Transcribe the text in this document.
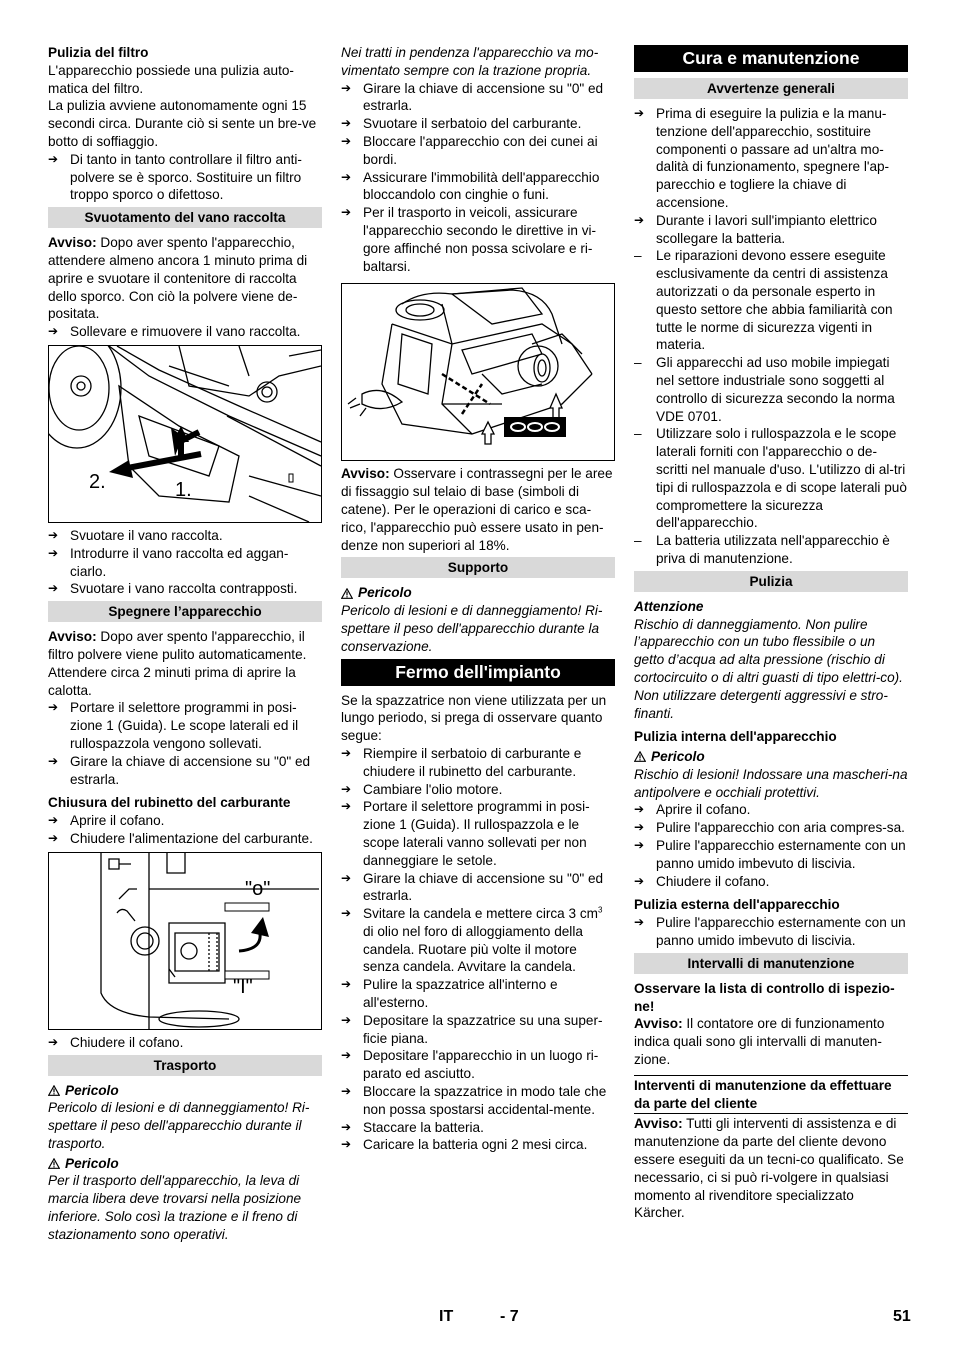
Pulizia del filtro

L'apparecchio possiede una pulizia auto-matica del filtro.

La pulizia avviene autonomamente ogni 15 secondi circa. Durante ciò si sente un bre-ve botto di soffiaggio.

➔ Di tanto in tanto controllare il filtro anti-polvere se è sporco. Sostituire un filtro troppo sporco o difettoso.
Svuotamento del vano raccolta

Avviso: Dopo aver spento l'apparecchio, attendere almeno ancora 1 minuto prima di aprire e svuotare il contenitore di raccolta dello sporco. Con ciò la polvere viene de-positata.

➔ Sollevare e rimuovere il vano raccolta.
2.	1.
➔ Svuotare il vano raccolta.
➔ Introdurre il vano raccolta ed aggan-ciarlo.
➔ Svuotare i vano raccolta contrapposti.
Spegnere l’apparecchio

Avviso: Dopo aver spento l'apparecchio, il filtro polvere viene pulito automaticamente. Attendere circa 2 minuti prima di aprire la calotta.

➔ Portare il selettore programmi in posi-zione 1 (Guida). Le scope laterali ed il rullospazzola vengono sollevati.
➔ Girare la chiave di accensione su "0" ed estrarla.

Chiusura del rubinetto del carburante

➔ Aprire il cofano.
➔ Chiudere l'alimentazione del carburante.
"o"
"I"
➔ Chiudere il cofano.
Trasporto
Pericolo

Pericolo di lesioni e di danneggiamento! Ri-spettare il peso dell'apparecchio durante il trasporto.

Pericolo

Per il trasporto dell'apparecchio, la leva di marcia libera deve trovarsi nella posizione inferiore. Solo così la trazione e il freno di stazionamento sono operativi.

Nei tratti in pendenza l'apparecchio va mo-vimentato sempre con la trazione propria.

➔ Girare la chiave di accensione su "0" ed estrarla.
➔ Svuotare il serbatoio del carburante.
➔ Bloccare l'apparecchio con dei cunei ai bordi.
➔ Assicurare l'immobilità dell'apparecchio bloccandolo con cinghie o funi.
➔ Per il trasporto in veicoli, assicurare l'apparecchio secondo le direttive in vi-gore affinché non possa scivolare e ri-baltarsi.

Avviso: Osservare i contrassegni per le aree di fissaggio sul telaio di base (simboli di catene). Per le operazioni di carico e sca-rico, l'apparecchio può essere usato in pen-denze non superiori al 18%.

Supporto
Pericolo

Pericolo di lesioni e di danneggiamento! Ri-spettare il peso dell'apparecchio durante la conservazione.

Fermo dell'impianto

Se la spazzatrice non viene utilizzata per un lungo periodo, si prega di osservare quanto segue:

➔ Riempire il serbatoio di carburante e chiudere il rubinetto del carburante.
➔ Cambiare l'olio motore.
➔ Portare il selettore programmi in posi-zione 1 (Guida). Il rullospazzola e le scope laterali vanno sollevati per non danneggiare le setole.
➔ Girare la chiave di accensione su "0" ed estrarla.
➔ Svitare la candela e mettere circa 3 $cm^3$ di olio nel foro di alloggiamento della candela. Ruotare più volte il motore senza candela. Avvitare la candela.
➔ Pulire la spazzatrice all'interno e all'esterno.
➔ Depositare la spazzatrice su una super-ficie piana.
➔ Depositare l'apparecchio in un luogo ri-parato ed asciutto.
➔ Bloccare la spazzatrice in modo tale che non possa spostarsi accidental-mente.
➔ Staccare la batteria.
➔ Caricare la batteria ogni 2 mesi circa.
Cura e manutenzione
Avvertenze generali
➔ Prima di eseguire la pulizia e la manu-tenzione dell'apparecchio, sostituire componenti o passare ad un'altra mo-dalità di funzionamento, spegnere l'ap-parecchio e togliere la chiave di accensione.
➔ Durante i lavori sull'impianto elettrico scollegare la batteria.
–	Le riparazioni devono essere eseguite esclusivamente da centri di assistenza autorizzati o da personale esperto in questo settore che abbia familiarità con tutte le norme di sicurezza vigenti in materia.
–	Gli apparecchi ad uso mobile impiegati nel settore industriale sono soggetti al controllo di sicurezza secondo la norma VDE 0701.
–	Utilizzare solo i rullospazzola e le scope laterali forniti con l'apparecchio o de-scritti nel manuale d'uso. L'utilizzo di al-tri tipi di rullospazzola e di scope laterali può compromettere la sicurezza dell'apparecchio.
–	La batteria utilizzata nell'apparecchio è priva di manutenzione.
Pulizia

Attenzione

Rischio di danneggiamento. Non pulire l’apparecchio con un tubo flessibile o un getto d’acqua ad alta pressione (rischio di cortocircuito o di altri guasti di tipo elettri-co).

Non utilizzare detergenti aggressivi e stro-finanti.

Pulizia interna dell'apparecchio

Pericolo

Rischio di lesioni! Indossare una mascheri-na antipolvere e occhiali protettivi.

➔ Aprire il cofano.
➔ Pulire l'apparecchio con aria compres-sa.
➔ Pulire l'apparecchio esternamente con un panno umido imbevuto di liscivia.
➔ Chiudere il cofano.

Pulizia esterna dell'apparecchio

➔ Pulire l'apparecchio esternamente con un panno umido imbevuto di liscivia.
Intervalli di manutenzione

Osservare la lista di controllo di ispezio-ne!

Avviso: Il contatore ore di funzionamento indica quali sono gli intervalli di manuten-zione.

Interventi di manutenzione da effettuare da parte del cliente

Avviso: Tutti gli interventi di assistenza e di manutenzione da parte del cliente devono essere eseguiti da un tecni-co qualificato. Se necessario, ci si può ri-volgere in qualsiasi momento al rivenditore specializzato Kärcher.

IT	- 7	51
